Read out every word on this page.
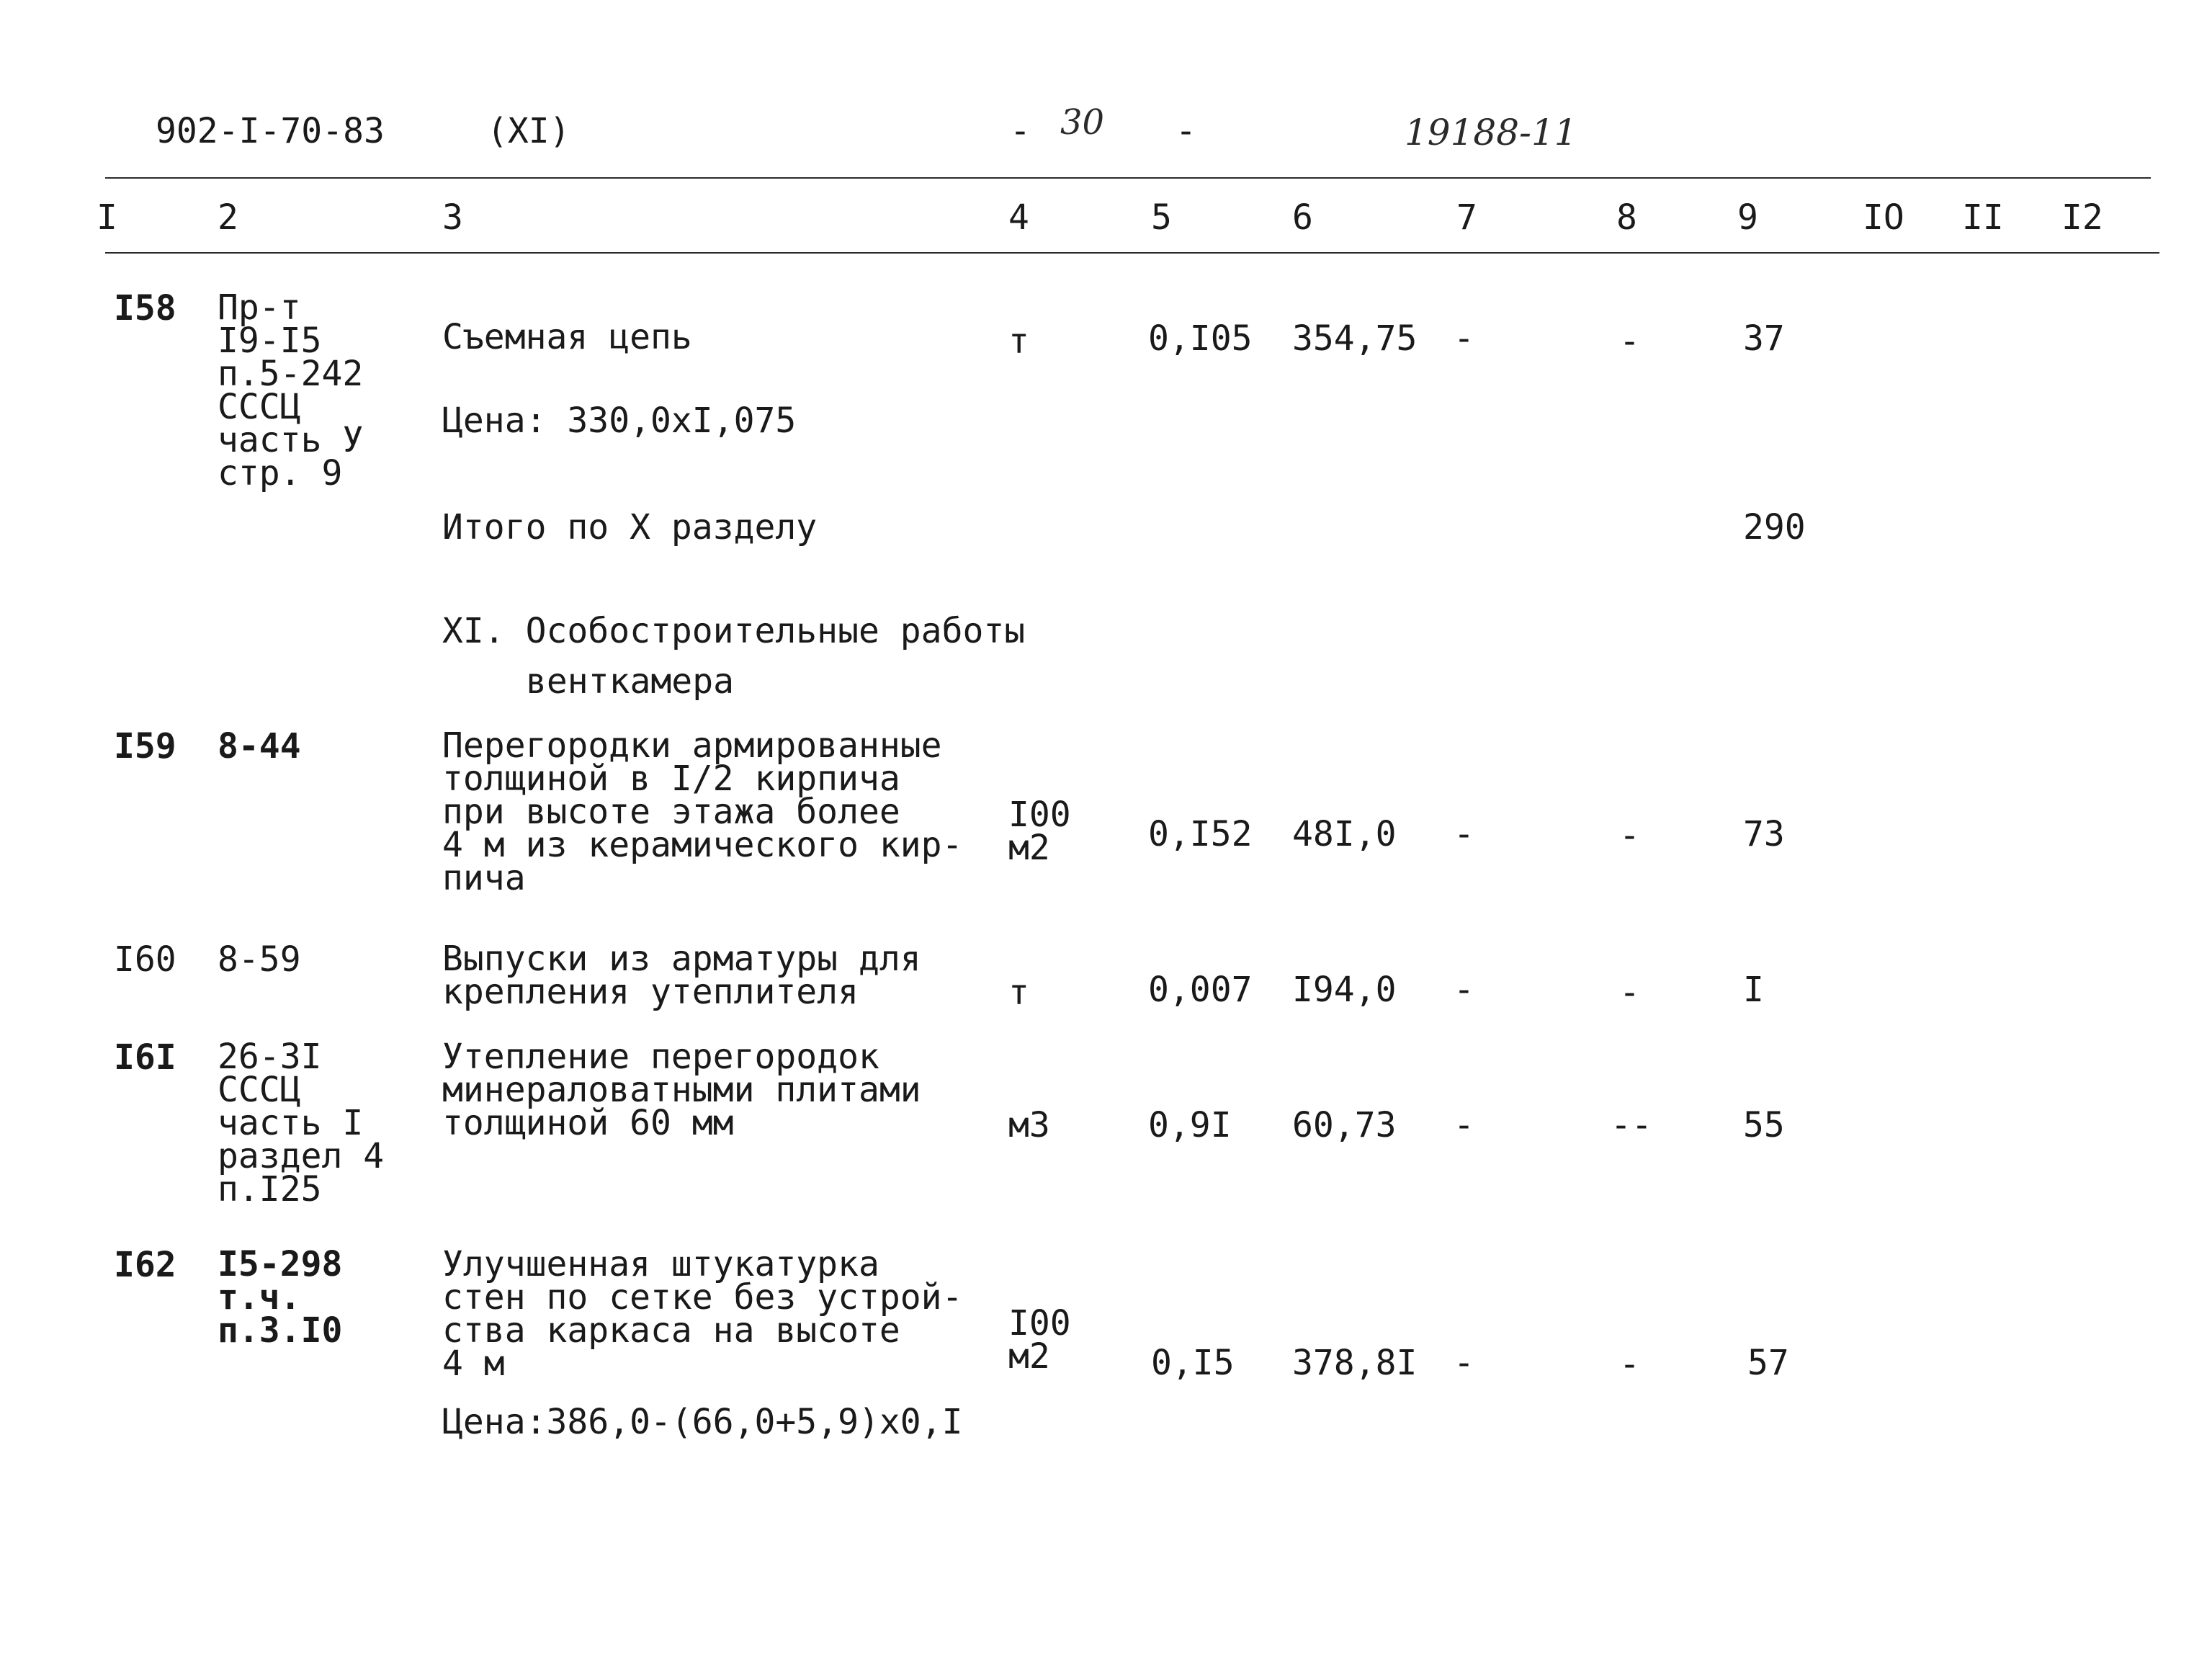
902-I-70-83	(XI)	- 30 -	19188-11
I	2	3	4	5	6	7	8	9	IO II I2
I58 Пр-т
I9-I5
п.5-242
СССЦ
часть У
стр. 9
Съемная цепь
Цена: 330,0хI,075
т	0,I05 354,75 -	-	37
Итого по Х разделу	290
XI. Особостроительные работы
венткамера
I59 8-44	Перегородки армированные
толщиной в I/2 кирпича
при высоте этажа более
4 м из керамического кир-
пича
I00
м2	0,I52 48I,0 -	-	73
I60 8-59	Выпуски из арматуры для
крепления утеплителя	т	0,007 I94,0 -	-	I
I6I 26-3I
СССЦ
часть I
раздел 4
п.I25
Утепление перегородок
минераловатными плитами
толщиной 60 мм	м3	0,9I 60,73 -	--	55
I62 I5-298
т.ч.
п.3.I0
Улучшенная штукатурка
стен по сетке без устрой-
ства каркаса на высоте
4 м
Цена:386,0-(66,0+5,9)х0,I
I00
м2	0,I5 378,8I -	-	57
